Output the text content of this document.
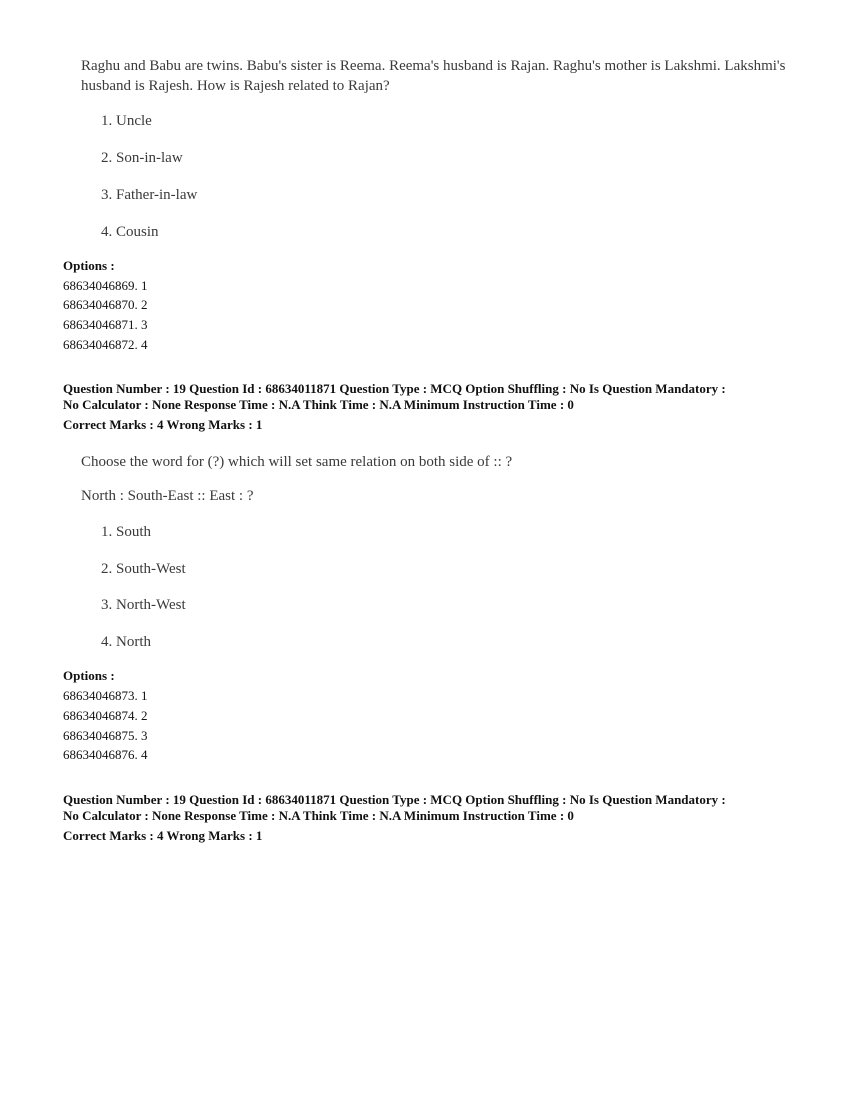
Raghu and Babu are twins. Babu's sister is Reema. Reema's husband is Rajan. Raghu's mother is Lakshmi. Lakshmi's husband is Rajesh. How is Rajesh related to Rajan?
1. Uncle
2. Son-in-law
3. Father-in-law
4. Cousin
Options :
68634046869. 1
68634046870. 2
68634046871. 3
68634046872. 4
Question Number : 19 Question Id : 68634011871 Question Type : MCQ Option Shuffling : No Is Question Mandatory :
No Calculator : None Response Time : N.A Think Time : N.A Minimum Instruction Time : 0
Correct Marks : 4 Wrong Marks : 1
Choose the word for (?) which will set same relation on both side of :: ?
North : South-East :: East : ?
1. South
2. South-West
3. North-West
4. North
Options :
68634046873. 1
68634046874. 2
68634046875. 3
68634046876. 4
Question Number : 19 Question Id : 68634011871 Question Type : MCQ Option Shuffling : No Is Question Mandatory :
No Calculator : None Response Time : N.A Think Time : N.A Minimum Instruction Time : 0
Correct Marks : 4 Wrong Marks : 1
